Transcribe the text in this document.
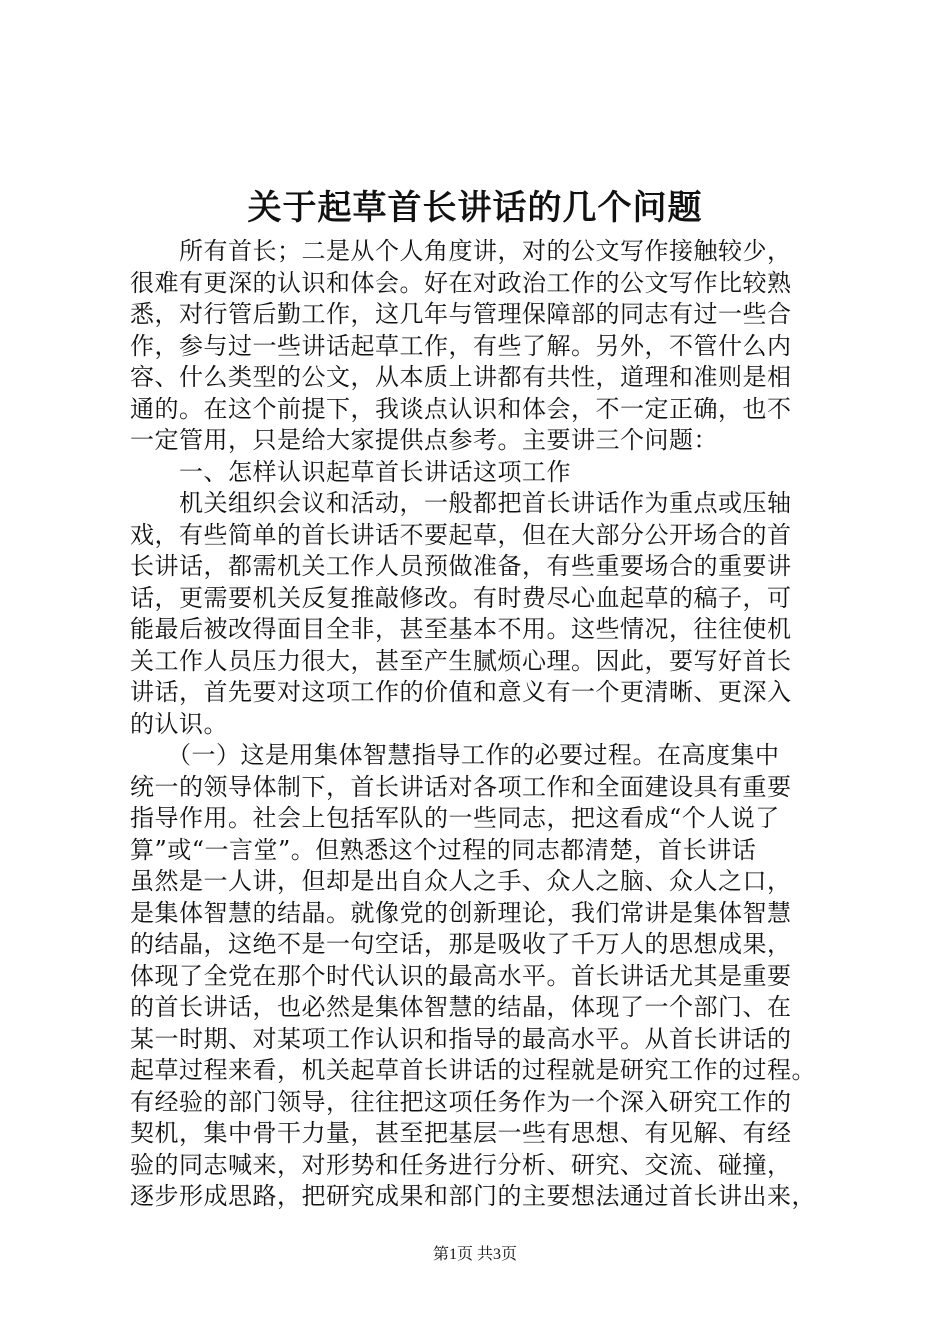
关于起草首长讲话的几个问题
　　所有首长；二是从个人角度讲，对的公文写作接触较少，
很难有更深的认识和体会。好在对政治工作的公文写作比较熟
悉，对行管后勤工作，这几年与管理保障部的同志有过一些合
作，参与过一些讲话起草工作，有些了解。另外，不管什么内
容、什么类型的公文，从本质上讲都有共性，道理和准则是相
通的。在这个前提下，我谈点认识和体会，不一定正确，也不
一定管用，只是给大家提供点参考。主要讲三个问题：
　　一、怎样认识起草首长讲话这项工作
　　机关组织会议和活动，一般都把首长讲话作为重点或压轴
戏，有些简单的首长讲话不要起草，但在大部分公开场合的首
长讲话，都需机关工作人员预做准备，有些重要场合的重要讲
话，更需要机关反复推敲修改。有时费尽心血起草的稿子，可
能最后被改得面目全非，甚至基本不用。这些情况，往往使机
关工作人员压力很大，甚至产生腻烦心理。因此，要写好首长
讲话，首先要对这项工作的价值和意义有一个更清晰、更深入
的认识。
　　（一）这是用集体智慧指导工作的必要过程。在高度集中
统一的领导体制下，首长讲话对各项工作和全面建设具有重要
指导作用。社会上包括军队的一些同志，把这看成“个人说了
算”或“一言堂”。但熟悉这个过程的同志都清楚，首长讲话
虽然是一人讲，但却是出自众人之手、众人之脑、众人之口，
是集体智慧的结晶。就像党的创新理论，我们常讲是集体智慧
的结晶，这绝不是一句空话，那是吸收了千万人的思想成果，
体现了全党在那个时代认识的最高水平。首长讲话尤其是重要
的首长讲话，也必然是集体智慧的结晶，体现了一个部门、在
某一时期、对某项工作认识和指导的最高水平。从首长讲话的
起草过程来看，机关起草首长讲话的过程就是研究工作的过程。
有经验的部门领导，往往把这项任务作为一个深入研究工作的
契机，集中骨干力量，甚至把基层一些有思想、有见解、有经
验的同志喊来，对形势和任务进行分析、研究、交流、碰撞，
逐步形成思路，把研究成果和部门的主要想法通过首长讲出来，
第1页 共3页
